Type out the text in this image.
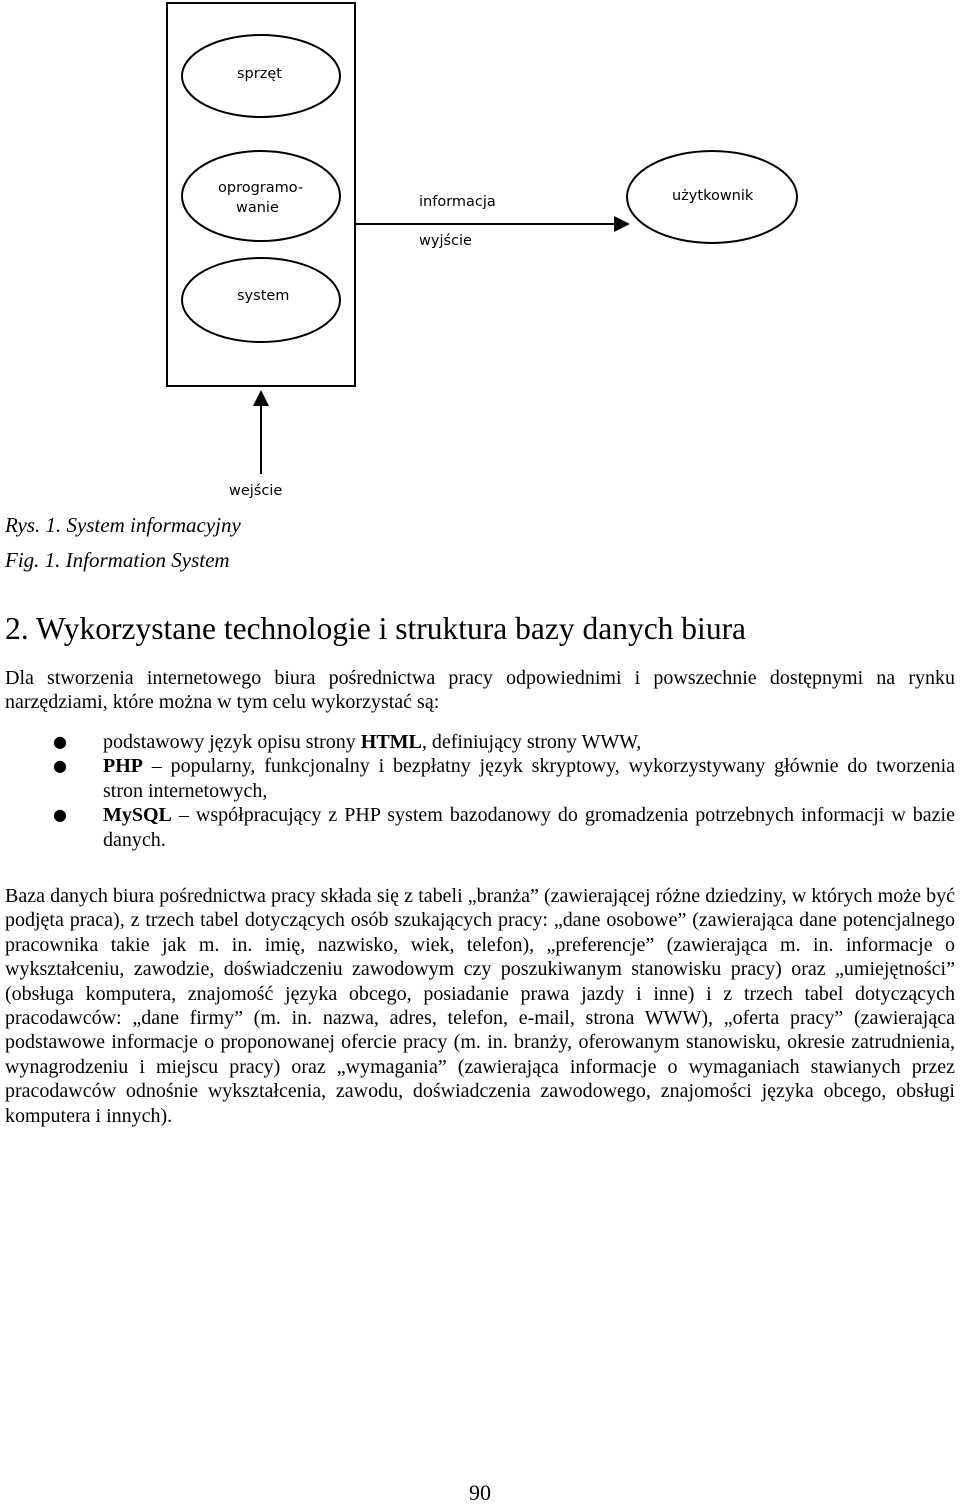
sprzęt
oprogramo-
wanie
system
informacja
wyjście
użytkownik
wejście
Rys. 1. System informacyjny
Fig. 1. Information System
2. Wykorzystane technologie i struktura bazy danych biura
Dla stworzenia internetowego biura pośrednictwa pracy odpowiednimi i powszechnie dostępnymi na rynku narzędziami, które można w tym celu wykorzystać są:
●	podstawowy język opisu strony HTML, definiujący strony WWW,
●	PHP – popularny, funkcjonalny i bezpłatny język skryptowy, wykorzystywany głównie do tworzenia stron internetowych,
●	MySQL – współpracujący z PHP system bazodanowy do gromadzenia potrzebnych informacji w bazie danych.
Baza danych biura pośrednictwa pracy składa się z tabeli „branża” (zawierającej różne dziedziny, w których może być podjęta praca), z trzech tabel dotyczących osób szukających pracy: „dane osobowe” (zawierająca dane potencjalnego pracownika takie jak m. in. imię, nazwisko, wiek, telefon), „preferencje” (zawierająca m. in. informacje o wykształceniu, zawodzie, doświadczeniu zawodowym czy poszukiwanym stanowisku pracy) oraz „umiejętności” (obsługa komputera, znajomość języka obcego, posiadanie prawa jazdy i inne) i z trzech tabel dotyczących pracodawców: „dane firmy” (m. in. nazwa, adres, telefon, e-mail, strona WWW), „oferta pracy” (zawierająca podstawowe informacje o proponowanej ofercie pracy (m. in. branży, oferowanym stanowisku, okresie zatrudnienia, wynagrodzeniu i miejscu pracy) oraz „wymagania” (zawierająca informacje o wymaganiach stawianych przez pracodawców odnośnie wykształcenia, zawodu, doświadczenia zawodowego, znajomości języka obcego, obsługi komputera i innych).
90
